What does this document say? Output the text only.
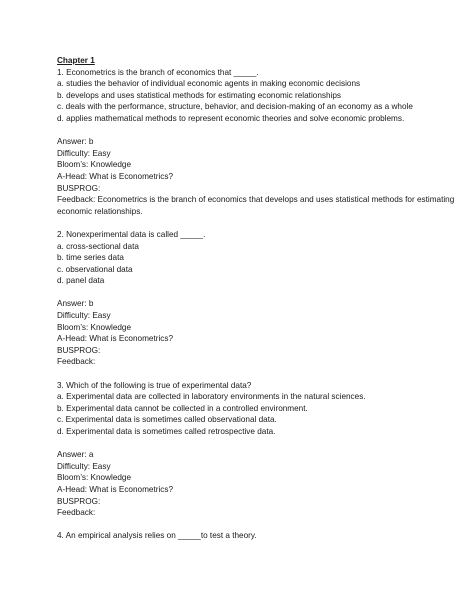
Chapter 1
1. Econometrics is the branch of economics that _____.
a. studies the behavior of individual economic agents in making economic decisions
b. develops and uses statistical methods for estimating economic relationships
c. deals with the performance, structure, behavior, and decision-making of an economy as a whole
d. applies mathematical methods to represent economic theories and solve economic problems.
Answer: b
Difficulty: Easy
Bloom’s: Knowledge
A-Head: What is Econometrics?
BUSPROG:
Feedback: Econometrics is the branch of economics that develops and uses statistical methods for estimating economic relationships.
2. Nonexperimental data is called _____.
a. cross-sectional data
b. time series data
c. observational data
d. panel data
Answer: b
Difficulty: Easy
Bloom’s: Knowledge
A-Head: What is Econometrics?
BUSPROG:
Feedback:
3. Which of the following is true of experimental data?
a. Experimental data are collected in laboratory environments in the natural sciences.
b. Experimental data cannot be collected in a controlled environment.
c. Experimental data is sometimes called observational data.
d. Experimental data is sometimes called retrospective data.
Answer: a
Difficulty: Easy
Bloom’s: Knowledge
A-Head: What is Econometrics?
BUSPROG:
Feedback:
4. An empirical analysis relies on _____to test a theory.
